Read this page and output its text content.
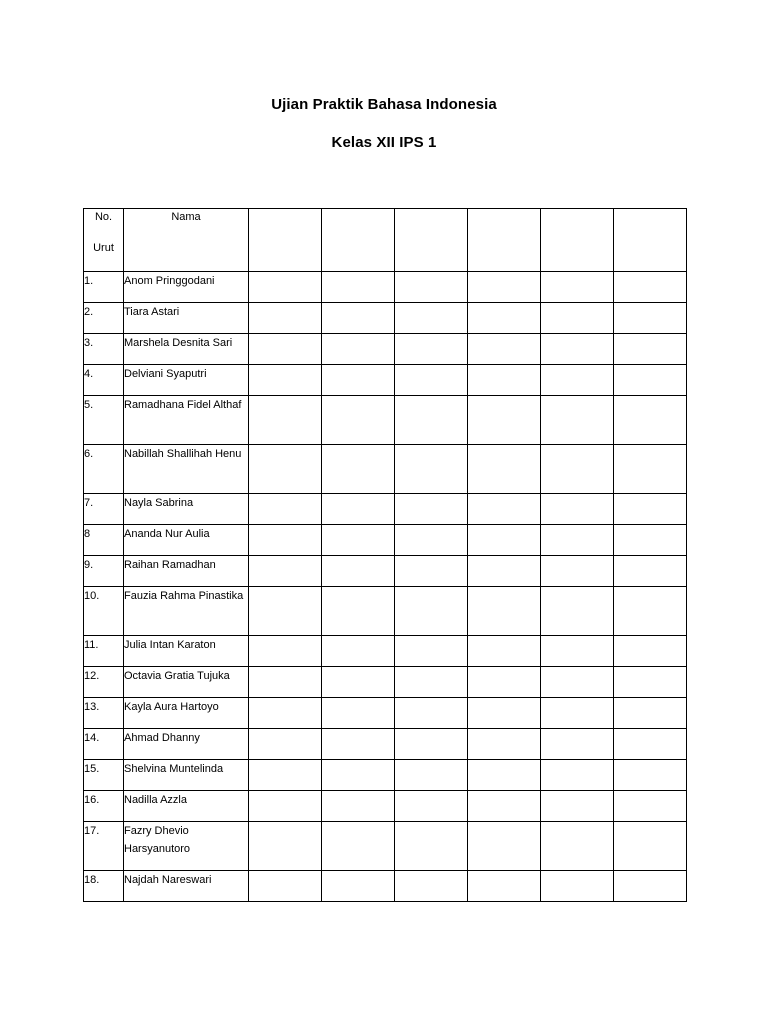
Ujian Praktik Bahasa Indonesia
Kelas XII IPS 1
No.
Urut	Nama						

1.	Anom Pringgodani						
2.	Tiara Astari						
3.	Marshela Desnita Sari						
4.	Delviani Syaputri						
5.	Ramadhana Fidel Althaf						
6.	Nabillah Shallihah Henu						
7.	Nayla Sabrina						
8	Ananda Nur Aulia						
9.	Raihan Ramadhan						
10.	Fauzia Rahma Pinastika						
11.	Julia Intan Karaton						
12.	Octavia Gratia Tujuka						
13.	Kayla Aura Hartoyo						
14.	Ahmad Dhanny						
15.	Shelvina Muntelinda						
16.	Nadilla Azzla						
17.	Fazry Dhevio Harsyanutoro						
18.	Najdah Nareswari						
